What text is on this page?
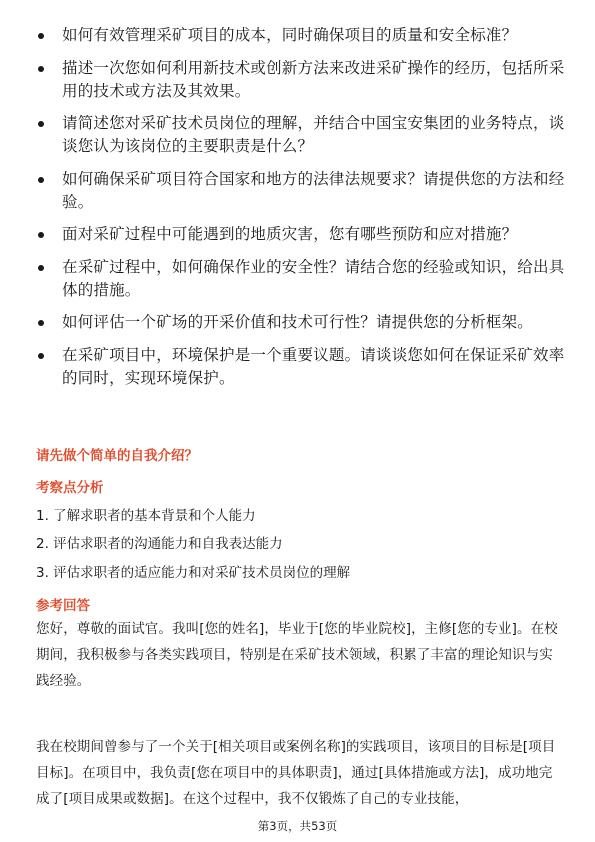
如何有效管理采矿项目的成本，同时确保项目的质量和安全标准？
描述一次您如何利用新技术或创新方法来改进采矿操作的经历，包括所采用的技术或方法及其效果。
请简述您对采矿技术员岗位的理解，并结合中国宝安集团的业务特点，谈谈您认为该岗位的主要职责是什么？
如何确保采矿项目符合国家和地方的法律法规要求？请提供您的方法和经验。
面对采矿过程中可能遇到的地质灾害，您有哪些预防和应对措施？
在采矿过程中，如何确保作业的安全性？请结合您的经验或知识，给出具体的措施。
如何评估一个矿场的开采价值和技术可行性？请提供您的分析框架。
在采矿项目中，环境保护是一个重要议题。请谈谈您如何在保证采矿效率的同时，实现环境保护。
请先做个简单的自我介绍？
考察点分析
1. 了解求职者的基本背景和个人能力
2. 评估求职者的沟通能力和自我表达能力
3. 评估求职者的适应能力和对采矿技术员岗位的理解
参考回答
您好，尊敬的面试官。我叫[您的姓名]，毕业于[您的毕业院校]，主修[您的专业]。在校期间，我积极参与各类实践项目，特别是在采矿技术领域，积累了丰富的理论知识与实践经验。
我在校期间曾参与了一个关于[相关项目或案例名称]的实践项目，该项目的目标是[项目目标]。在项目中，我负责[您在项目中的具体职责]，通过[具体措施或方法]，成功地完成了[项目成果或数据]。在这个过程中，我不仅锻炼了自己的专业技能，
第3页，共53页
